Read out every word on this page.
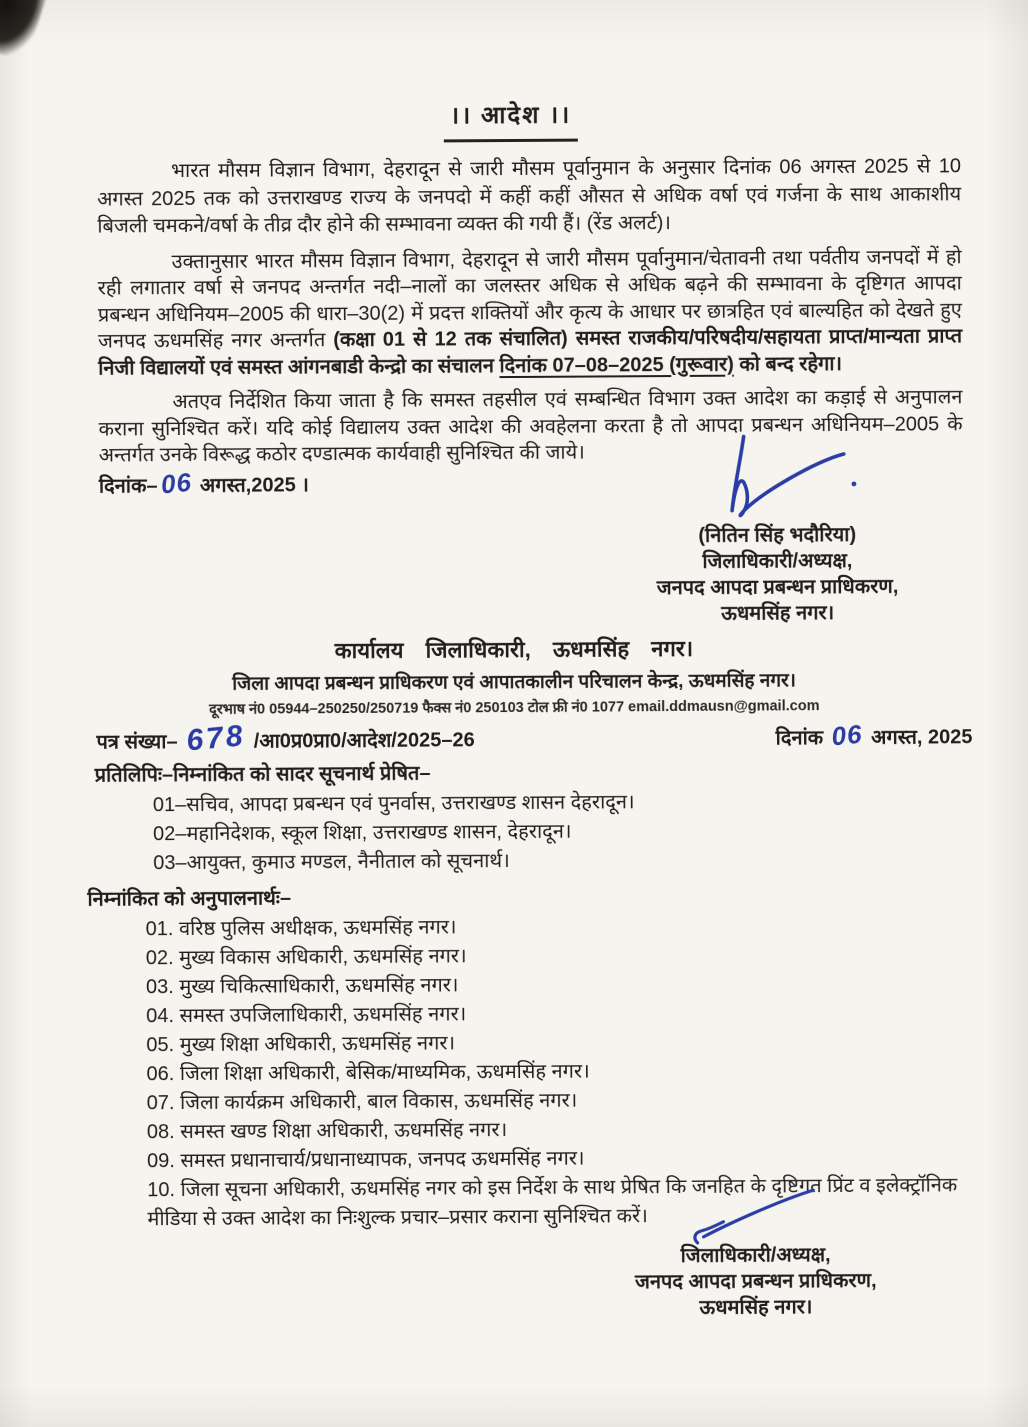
।। आदेश ।।

भारत मौसम विज्ञान विभाग, देहरादून से जारी मौसम पूर्वानुमान के अनुसार दिनांक 06 अगस्त 2025 से 10 अगस्त 2025 तक को उत्तराखण्ड राज्य के जनपदो में कहीं कहीं औसत से अधिक वर्षा एवं गर्जना के साथ आकाशीय बिजली चमकने/वर्षा के तीव्र दौर होने की सम्भावना व्यक्त की गयी हैं। (रेंड अलर्ट)।

उक्तानुसार भारत मौसम विज्ञान विभाग, देहरादून से जारी मौसम पूर्वानुमान/चेतावनी तथा पर्वतीय जनपदों में हो रही लगातार वर्षा से जनपद अन्तर्गत नदी–नालों का जलस्तर अधिक से अधिक बढ़ने की सम्भावना के दृष्टिगत आपदा प्रबन्धन अधिनियम–2005 की धारा–30(2) में प्रदत्त शक्तियों और कृत्य के आधार पर छात्रहित एवं बाल्यहित को देखते हुए जनपद ऊधमसिंह नगर अन्तर्गत (कक्षा 01 से 12 तक संचालित) समस्त राजकीय/परिषदीय/सहायता प्राप्त/मान्यता प्राप्त निजी विद्यालयों एवं समस्त आंगनबाडी केन्द्रो का संचालन दिनांक 07–08–2025 (गुरूवार) को बन्द रहेगा।

अतएव निर्देशित किया जाता है कि समस्त तहसील एवं सम्बन्धित विभाग उक्त आदेश का कड़ाई से अनुपालन कराना सुनिश्चित करें। यदि कोई विद्यालय उक्त आदेश की अवहेलना करता है तो आपदा प्रबन्धन अधिनियम–2005 के अन्तर्गत उनके विरूद्ध कठोर दण्डात्मक कार्यवाही सुनिश्चित की जाये।

दिनांक–06 अगस्त,2025 ।
(नितिन सिंह भदौरिया)
जिलाधिकारी/अध्यक्ष,
जनपद आपदा प्रबन्धन प्राधिकरण,
ऊधमसिंह नगर।
कार्यालय जिलाधिकारी, ऊधमसिंह नगर।
जिला आपदा प्रबन्धन प्राधिकरण एवं आपातकालीन परिचालन केन्द्र, ऊधमसिंह नगर।
दूरभाष नं0 05944–250250/250719 फैक्स नं0 250103 टोल फ्री नं0 1077 email.ddmausn@gmail.com
पत्र संख्या– 678 /आ0प्र0प्रा0/आदेश/2025–26	दिनांक 06 अगस्त, 2025
प्रतिलिपिः–निम्नांकित को सादर सूचनार्थ प्रेषित–
01–सचिव, आपदा प्रबन्धन एवं पुनर्वास, उत्तराखण्ड शासन देहरादून।
02–महानिदेशक, स्कूल शिक्षा, उत्तराखण्ड शासन, देहरादून।
03–आयुक्त, कुमाउ मण्डल, नैनीताल को सूचनार्थ।
निम्नांकित को अनुपालनार्थः–
01. वरिष्ठ पुलिस अधीक्षक, ऊधमसिंह नगर।
02. मुख्य विकास अधिकारी, ऊधमसिंह नगर।
03. मुख्य चिकित्साधिकारी, ऊधमसिंह नगर।
04. समस्त उपजिलाधिकारी, ऊधमसिंह नगर।
05. मुख्य शिक्षा अधिकारी, ऊधमसिंह नगर।
06. जिला शिक्षा अधिकारी, बेसिक/माध्यमिक, ऊधमसिंह नगर।
07. जिला कार्यक्रम अधिकारी, बाल विकास, ऊधमसिंह नगर।
08. समस्त खण्ड शिक्षा अधिकारी, ऊधमसिंह नगर।
09. समस्त प्रधानाचार्य/प्रधानाध्यापक, जनपद ऊधमसिंह नगर।
10. जिला सूचना अधिकारी, ऊधमसिंह नगर को इस निर्देश के साथ प्रेषित कि जनहित के दृष्टिगत प्रिंट व इलेक्ट्रॉनिक मीडिया से उक्त आदेश का निःशुल्क प्रचार–प्रसार कराना सुनिश्चित करें।
जिलाधिकारी/अध्यक्ष,
जनपद आपदा प्रबन्धन प्राधिकरण,
ऊधमसिंह नगर।
